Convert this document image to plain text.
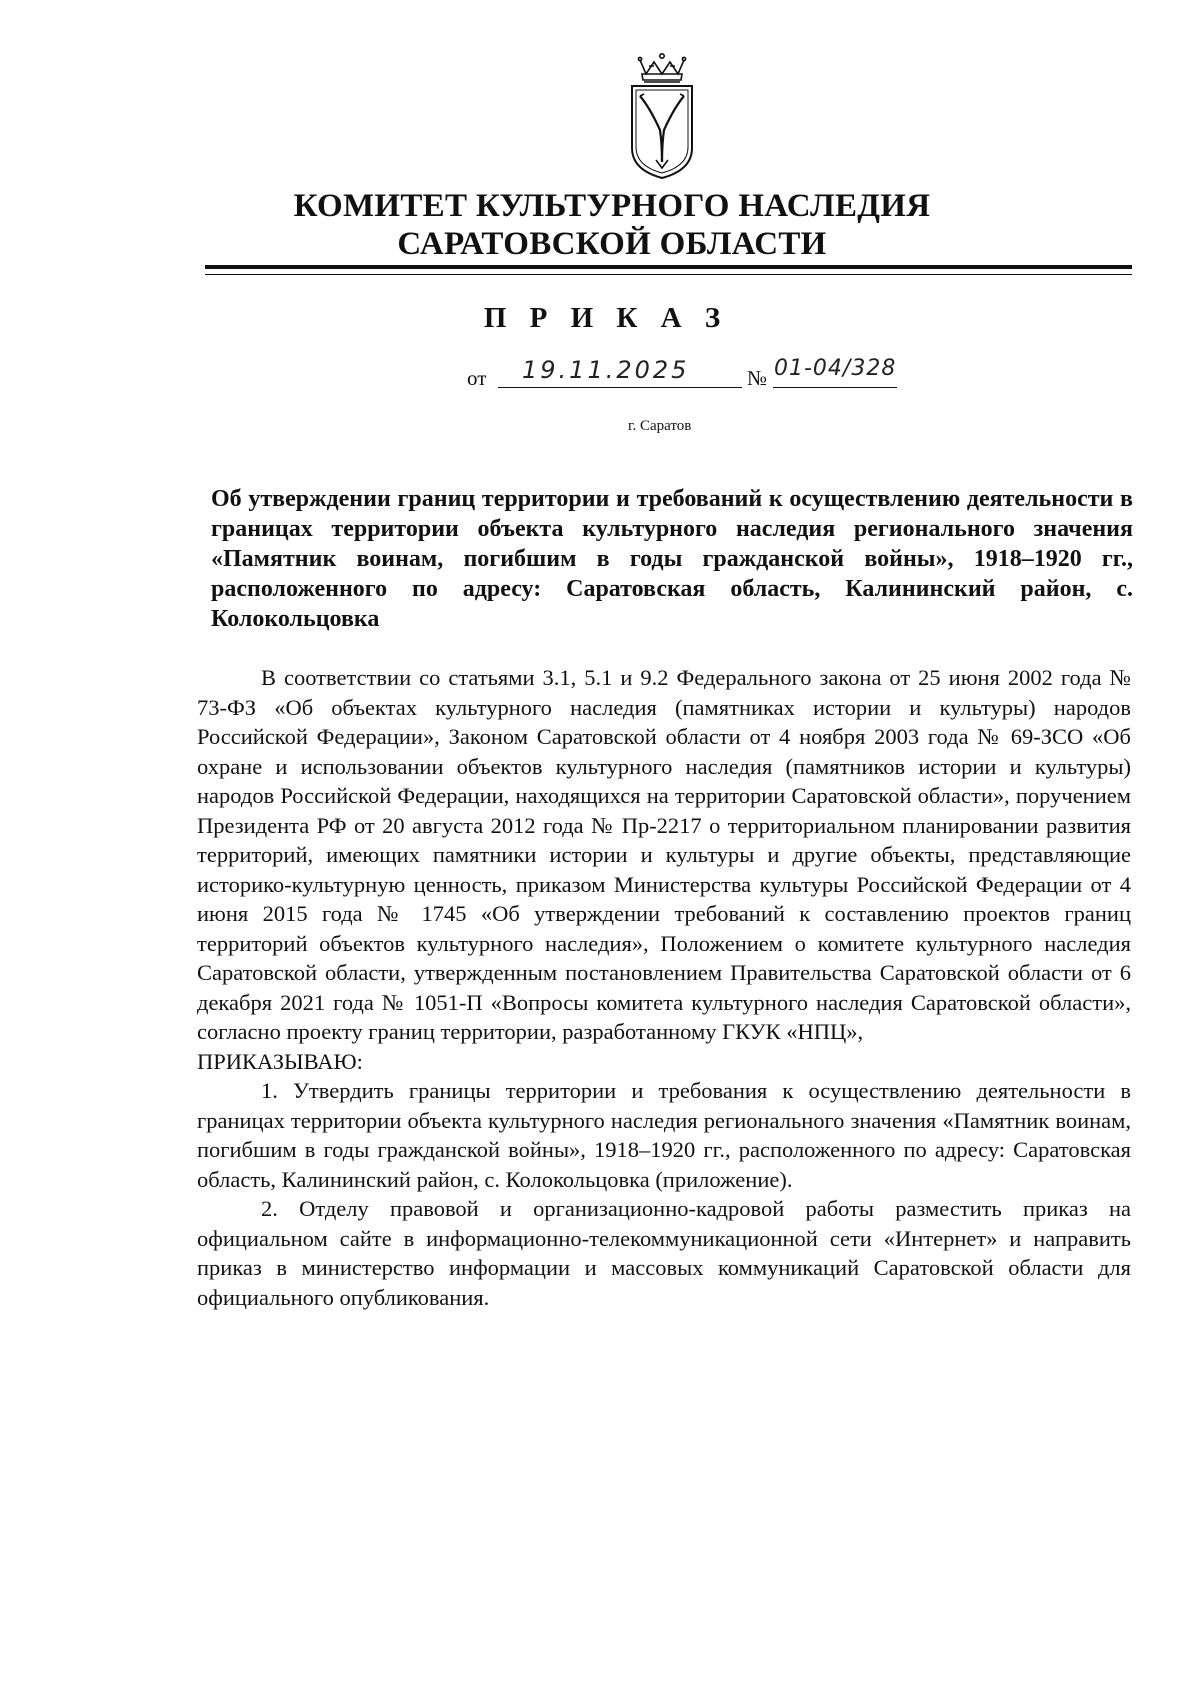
КОМИТЕТ КУЛЬТУРНОГО НАСЛЕДИЯ
САРАТОВСКОЙ ОБЛАСТИ
П Р И К А З
от 19.11.2025	№ 01-04/328
г. Саратов

Об утверждении границ территории и требований к осуществлению деятельности в границах территории объекта культурного наследия регионального значения «Памятник воинам, погибшим в годы гражданской войны», 1918–1920 гг., расположенного по адресу: Саратовская область, Калининский район, с. Колокольцовка

В соответствии со статьями 3.1, 5.1 и 9.2 Федерального закона от 25 июня 2002 года № 73-ФЗ «Об объектах культурного наследия (памятниках истории и культуры) народов Российской Федерации», Законом Саратовской области от 4 ноября 2003 года № 69-ЗСО «Об охране и использовании объектов культурного наследия (памятников истории и культуры) народов Российской Федерации, находящихся на территории Саратовской области», поручением Президента РФ от 20 августа 2012 года № Пр-2217 о территориальном планировании развития территорий, имеющих памятники истории и культуры и другие объекты, представляющие историко-культурную ценность, приказом Министерства культуры Российской Федерации от 4 июня 2015 года № 1745 «Об утверждении требований к составлению проектов границ территорий объектов культурного наследия», Положением о комитете культурного наследия Саратовской области, утвержденным постановлением Правительства Саратовской области от 6 декабря 2021 года № 1051-П «Вопросы комитета культурного наследия Саратовской области», согласно проекту границ территории, разработанному ГКУК «НПЦ»,

ПРИКАЗЫВАЮ:

1. Утвердить границы территории и требования к осуществлению деятельности в границах территории объекта культурного наследия регионального значения «Памятник воинам, погибшим в годы гражданской войны», 1918–1920 гг., расположенного по адресу: Саратовская область, Калининский район, с. Колокольцовка (приложение).

2. Отделу правовой и организационно-кадровой работы разместить приказ на официальном сайте в информационно-телекоммуникационной сети «Интернет» и направить приказ в министерство информации и массовых коммуникаций Саратовской области для официального опубликования.
